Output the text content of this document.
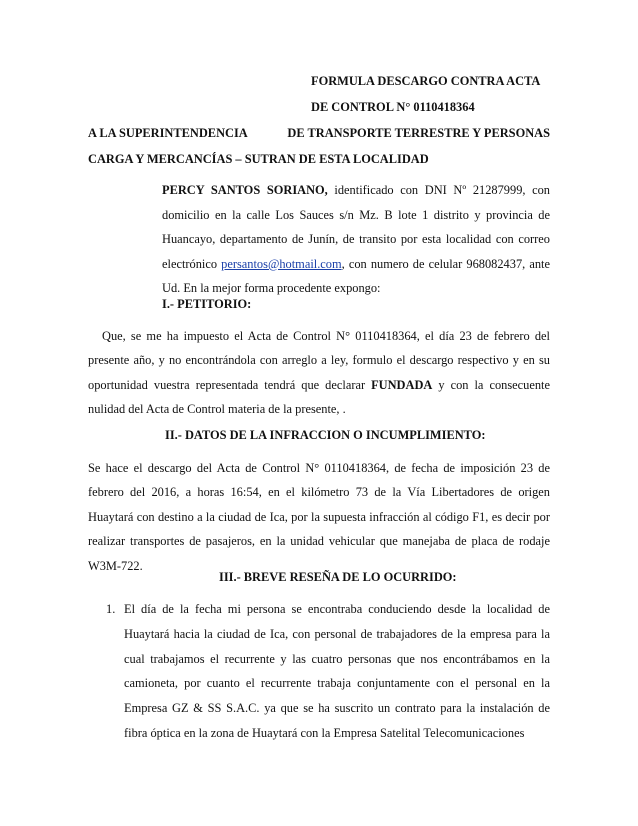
FORMULA DESCARGO CONTRA ACTA
DE CONTROL N° 0110418364
A LA SUPERINTENDENCIA	DE TRANSPORTE TERRESTRE Y PERSONAS
CARGA Y MERCANCÍAS – SUTRAN DE ESTA LOCALIDAD
PERCY SANTOS SORIANO, identificado con DNI Nº 21287999, con domicilio en la calle Los Sauces s/n Mz. B lote 1 distrito y provincia de Huancayo, departamento de Junín, de transito por esta localidad con correo electrónico persantos@hotmail.com, con numero de celular 968082437, ante Ud. En la mejor forma procedente expongo:
I.- PETITORIO:
Que, se me ha impuesto el Acta de Control N° 0110418364, el día 23 de febrero del presente año, y no encontrándola con arreglo a ley, formulo el descargo respectivo y en su oportunidad vuestra representada tendrá que declarar FUNDADA y con la consecuente nulidad del Acta de Control materia de la presente, .
II.- DATOS DE LA INFRACCION O INCUMPLIMIENTO:
Se hace el descargo del Acta de Control N° 0110418364, de fecha de imposición 23 de febrero del 2016, a horas 16:54, en el kilómetro 73 de la Vía Libertadores de origen Huaytará con destino a la ciudad de Ica, por la supuesta infracción al código F1, es decir por realizar transportes de pasajeros, en la unidad vehicular que manejaba de placa de rodaje W3M-722.
III.- BREVE RESEÑA DE LO OCURRIDO:
1. El día de la fecha mi persona se encontraba conduciendo desde la localidad de Huaytará hacia la ciudad de Ica, con personal de trabajadores de la empresa para la cual trabajamos el recurrente y las cuatro personas que nos encontrábamos en la camioneta, por cuanto el recurrente trabaja conjuntamente con el personal en la Empresa GZ & SS S.A.C. ya que se ha suscrito un contrato para la instalación de fibra óptica en la zona de Huaytará con la Empresa Satelital Telecomunicaciones
